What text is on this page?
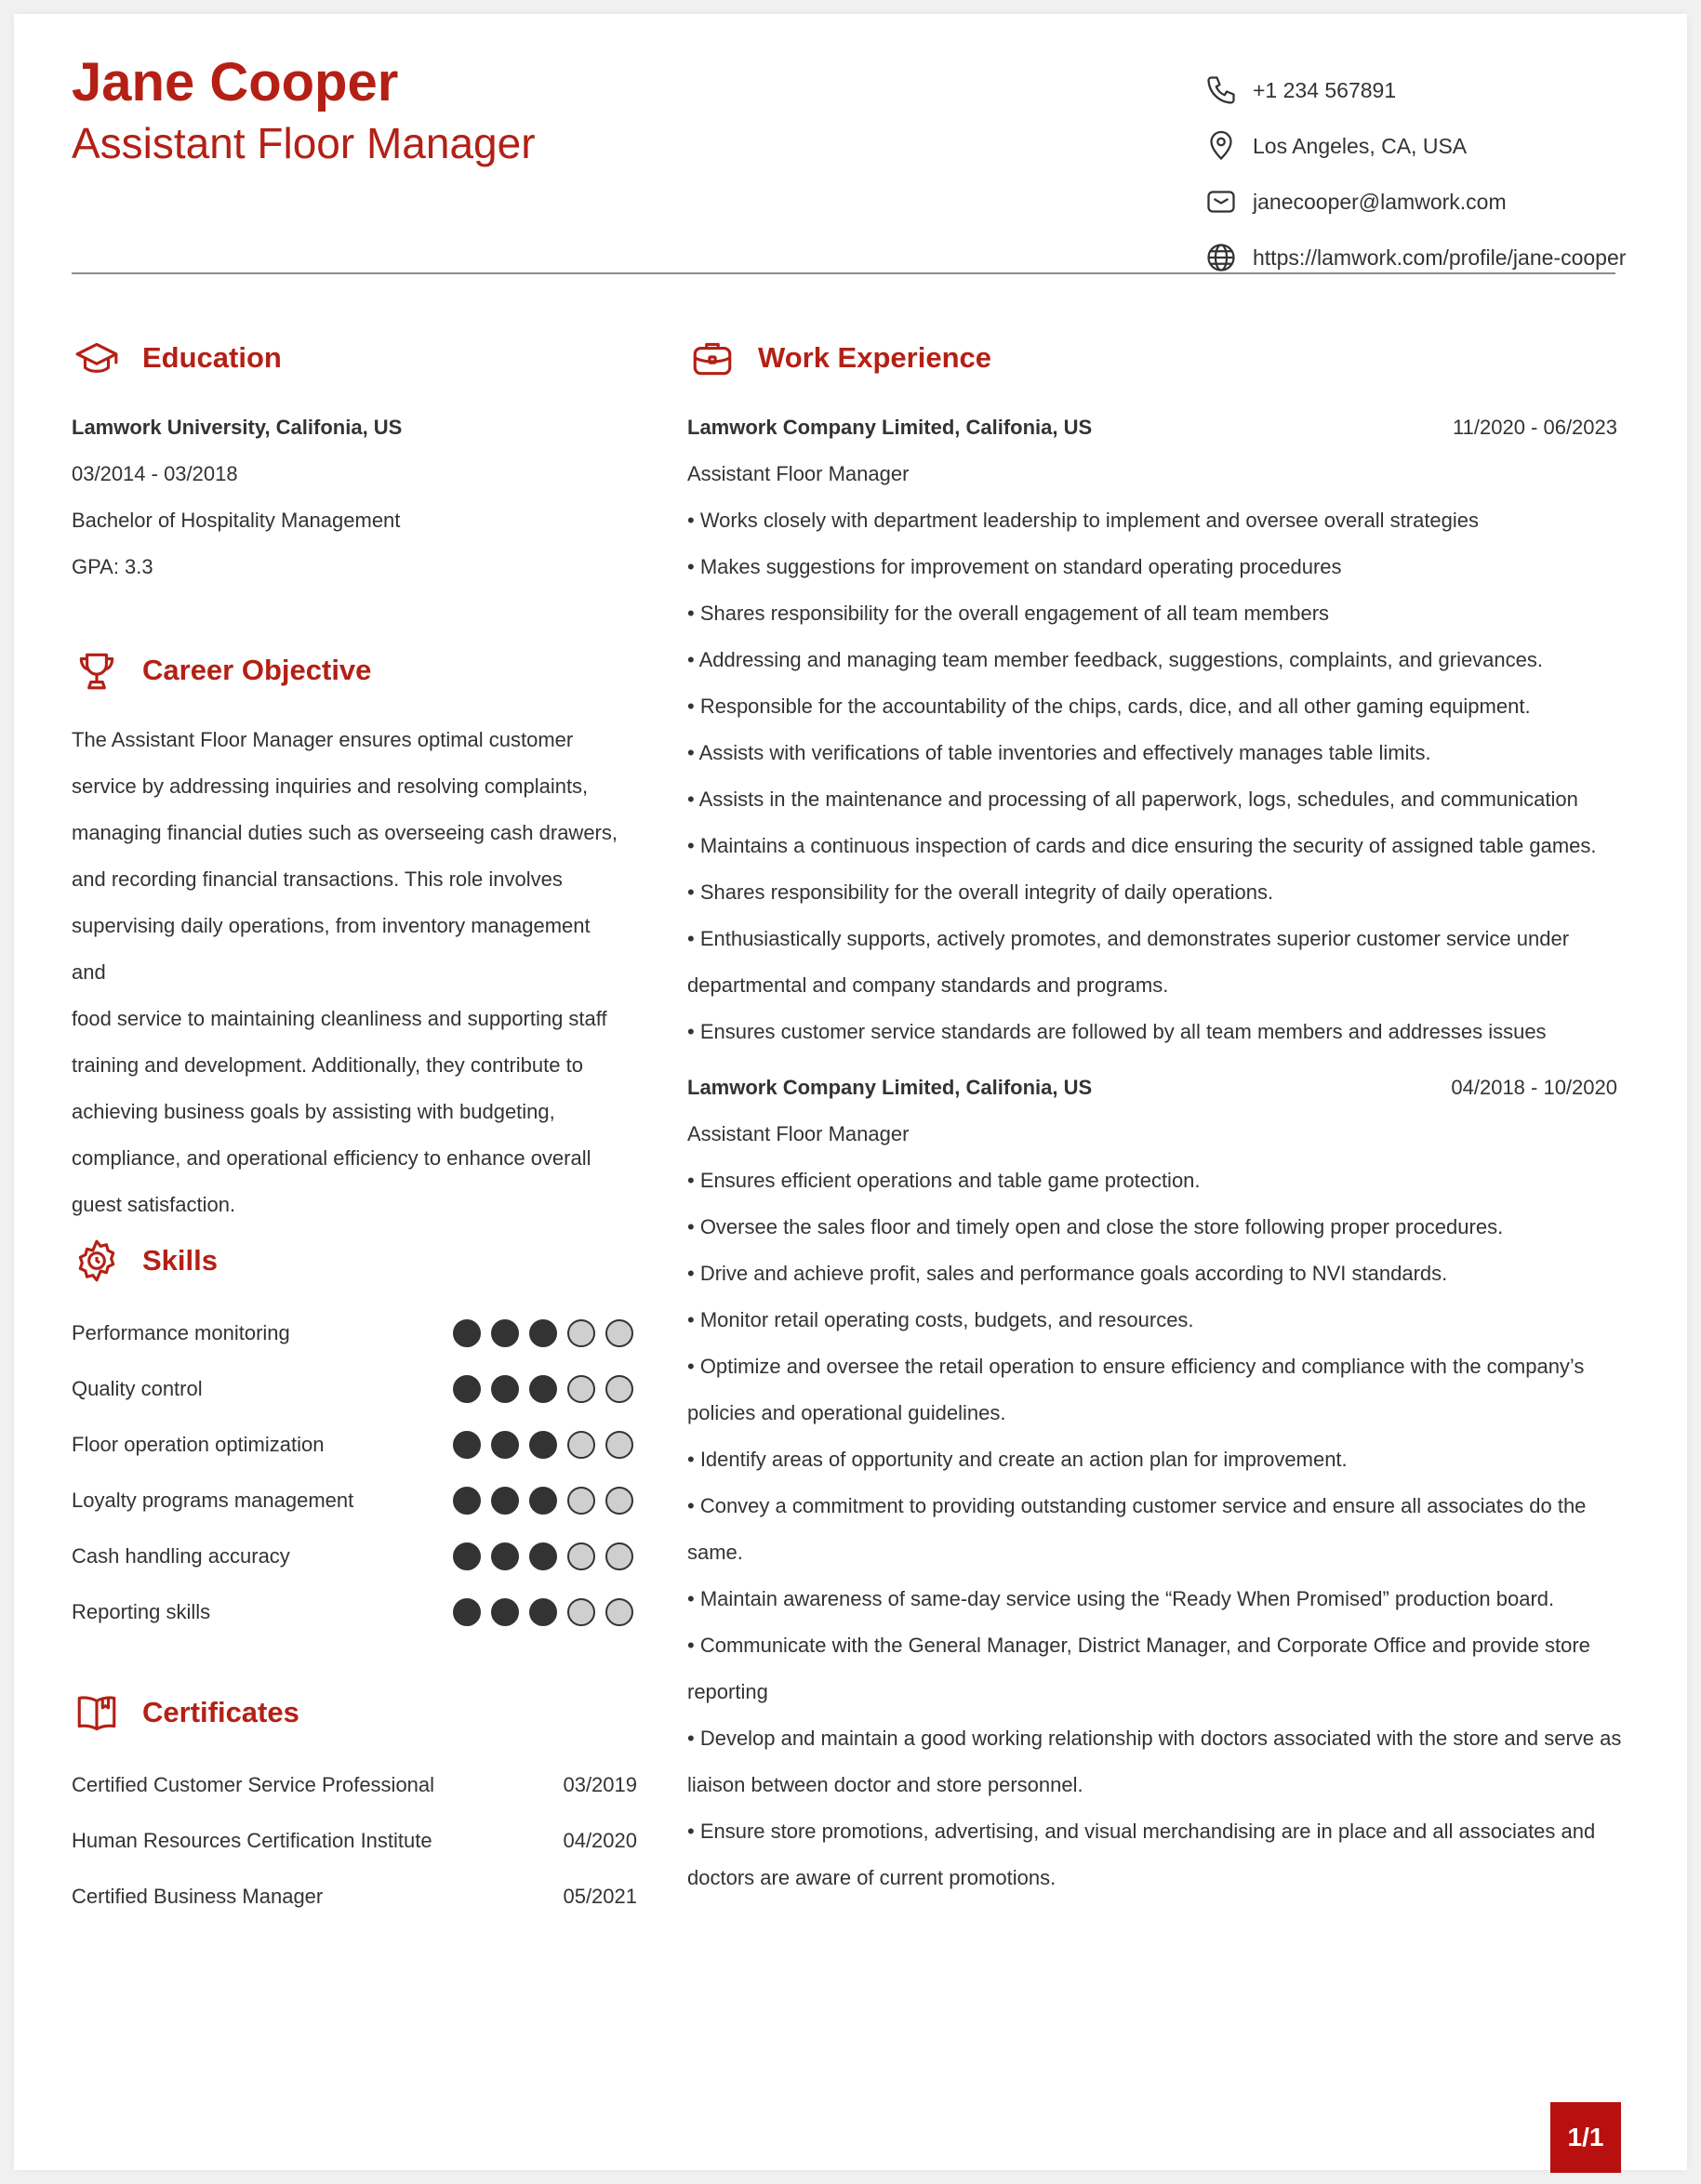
Jane Cooper
Assistant Floor Manager
+1 234 567891
Los Angeles, CA, USA
janecooper@lamwork.com
https://lamwork.com/profile/jane-cooper
Education
Lamwork University, Califonia, US
03/2014 - 03/2018
Bachelor of Hospitality Management
GPA: 3.3
Career Objective
The Assistant Floor Manager ensures optimal customer
service by addressing inquiries and resolving complaints,
managing financial duties such as overseeing cash drawers,
and recording financial transactions. This role involves
supervising daily operations, from inventory management and
food service to maintaining cleanliness and supporting staff
training and development. Additionally, they contribute to
achieving business goals by assisting with budgeting,
compliance, and operational efficiency to enhance overall
guest satisfaction.
Skills
Performance monitoring
Quality control
Floor operation optimization
Loyalty programs management
Cash handling accuracy
Reporting skills
Certificates
Certified Customer Service Professional	03/2019
Human Resources Certification Institute	04/2020
Certified Business Manager	05/2021
Work Experience
Lamwork Company Limited, Califonia, US	11/2020 - 06/2023
Assistant Floor Manager
• Works closely with department leadership to implement and oversee overall strategies
• Makes suggestions for improvement on standard operating procedures
• Shares responsibility for the overall engagement of all team members
• Addressing and managing team member feedback, suggestions, complaints, and grievances.
• Responsible for the accountability of the chips, cards, dice, and all other gaming equipment.
• Assists with verifications of table inventories and effectively manages table limits.
• Assists in the maintenance and processing of all paperwork, logs, schedules, and communication
• Maintains a continuous inspection of cards and dice ensuring the security of assigned table games.
• Shares responsibility for the overall integrity of daily operations.
• Enthusiastically supports, actively promotes, and demonstrates superior customer service under
departmental and company standards and programs.
• Ensures customer service standards are followed by all team members and addresses issues
Lamwork Company Limited, Califonia, US	04/2018 - 10/2020
Assistant Floor Manager
• Ensures efficient operations and table game protection.
• Oversee the sales floor and timely open and close the store following proper procedures.
• Drive and achieve profit, sales and performance goals according to NVI standards.
• Monitor retail operating costs, budgets, and resources.
• Optimize and oversee the retail operation to ensure efficiency and compliance with the company’s
policies and operational guidelines.
• Identify areas of opportunity and create an action plan for improvement.
• Convey a commitment to providing outstanding customer service and ensure all associates do the
same.
• Maintain awareness of same-day service using the “Ready When Promised” production board.
• Communicate with the General Manager, District Manager, and Corporate Office and provide store
reporting
• Develop and maintain a good working relationship with doctors associated with the store and serve as
liaison between doctor and store personnel.
• Ensure store promotions, advertising, and visual merchandising are in place and all associates and
doctors are aware of current promotions.
1/1
